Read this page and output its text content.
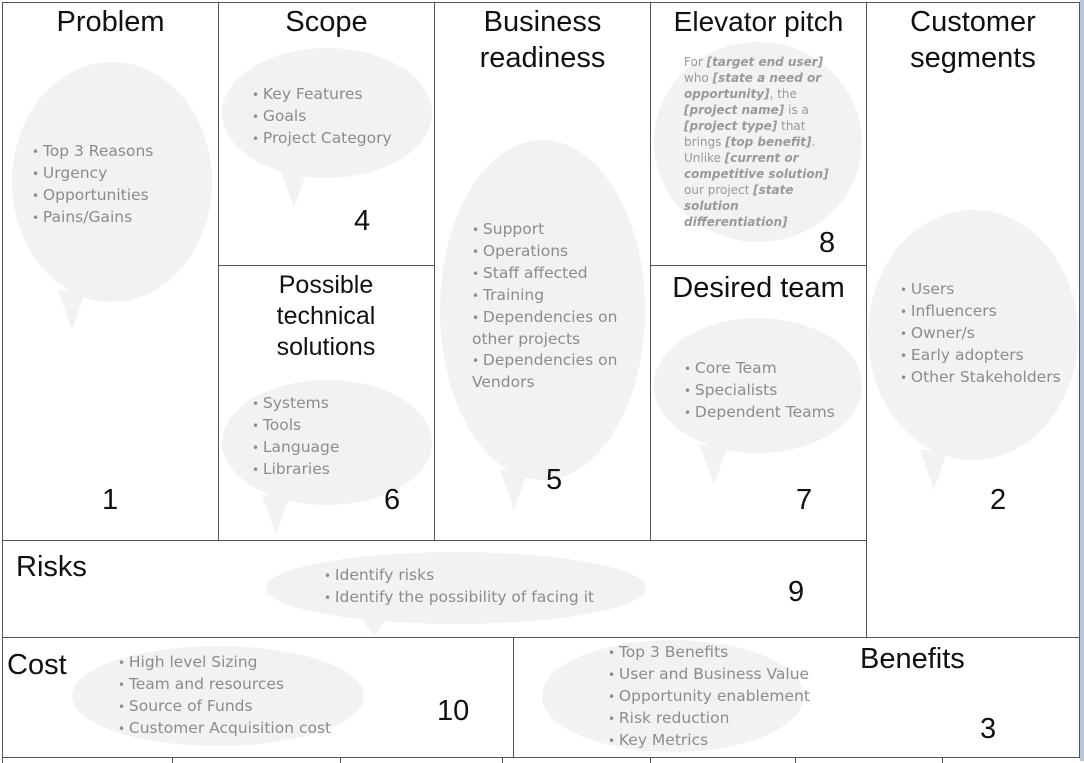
Problem	Scope	Business readiness
Elevator pitch	Customer segments
Possible technical solutions
Desired team
Risks
Cost	Benefits
1
4
5
8
2
6	7
9
10
3
• Top 3 Reasons
• Urgency
• Opportunities
• Pains/Gains
• Key Features
• Goals
• Project Category
• Support
• Operations
• Staff affected
• Training
• Dependencies on other projects
• Dependencies on Vendors
For [target end user] who [state a need or opportunity], the [project name] is a [project type] that brings [top benefit]. Unlike [current or competitive solution] our project [state solution differentiation]
• Users
• Influencers
• Owner/s
• Early adopters
• Other Stakeholders
• Systems
• Tools
• Language
• Libraries
• Core Team
• Specialists
• Dependent Teams
• Identify risks
• Identify the possibility of facing it
• High level Sizing
• Team and resources
• Source of Funds
• Customer Acquisition cost
• Top 3 Benefits
• User and Business Value
• Opportunity enablement
• Risk reduction
• Key Metrics
